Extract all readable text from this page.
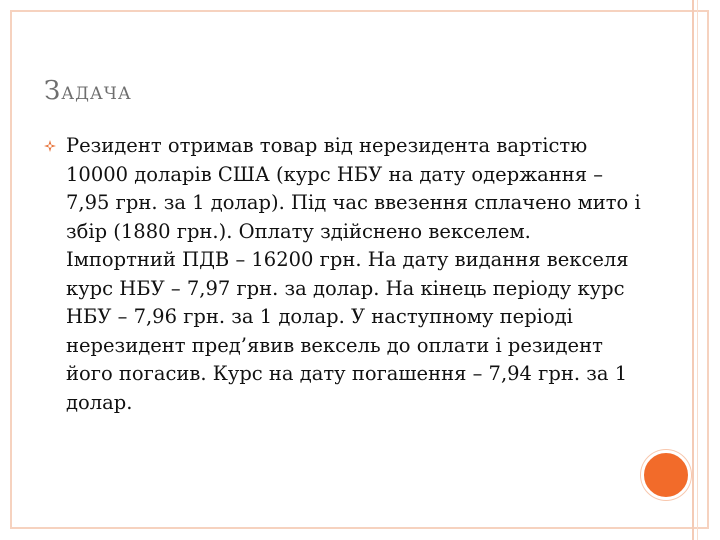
ЗАДАЧА
Резидент отримав товар від нерезидента вартістю 10000 доларів США (курс НБУ на дату одержання – 7,95 грн. за 1 долар). Під час ввезення сплачено мито і збір (1880 грн.). Оплату здійснено векселем. Імпортний ПДВ – 16200 грн. На дату видання векселя курс НБУ – 7,97 грн. за долар. На кінець періоду курс НБУ – 7,96 грн. за 1 долар. У наступному періоді нерезидент пред’явив вексель до оплати і резидент його погасив. Курс на дату погашення – 7,94 грн. за 1 долар.
